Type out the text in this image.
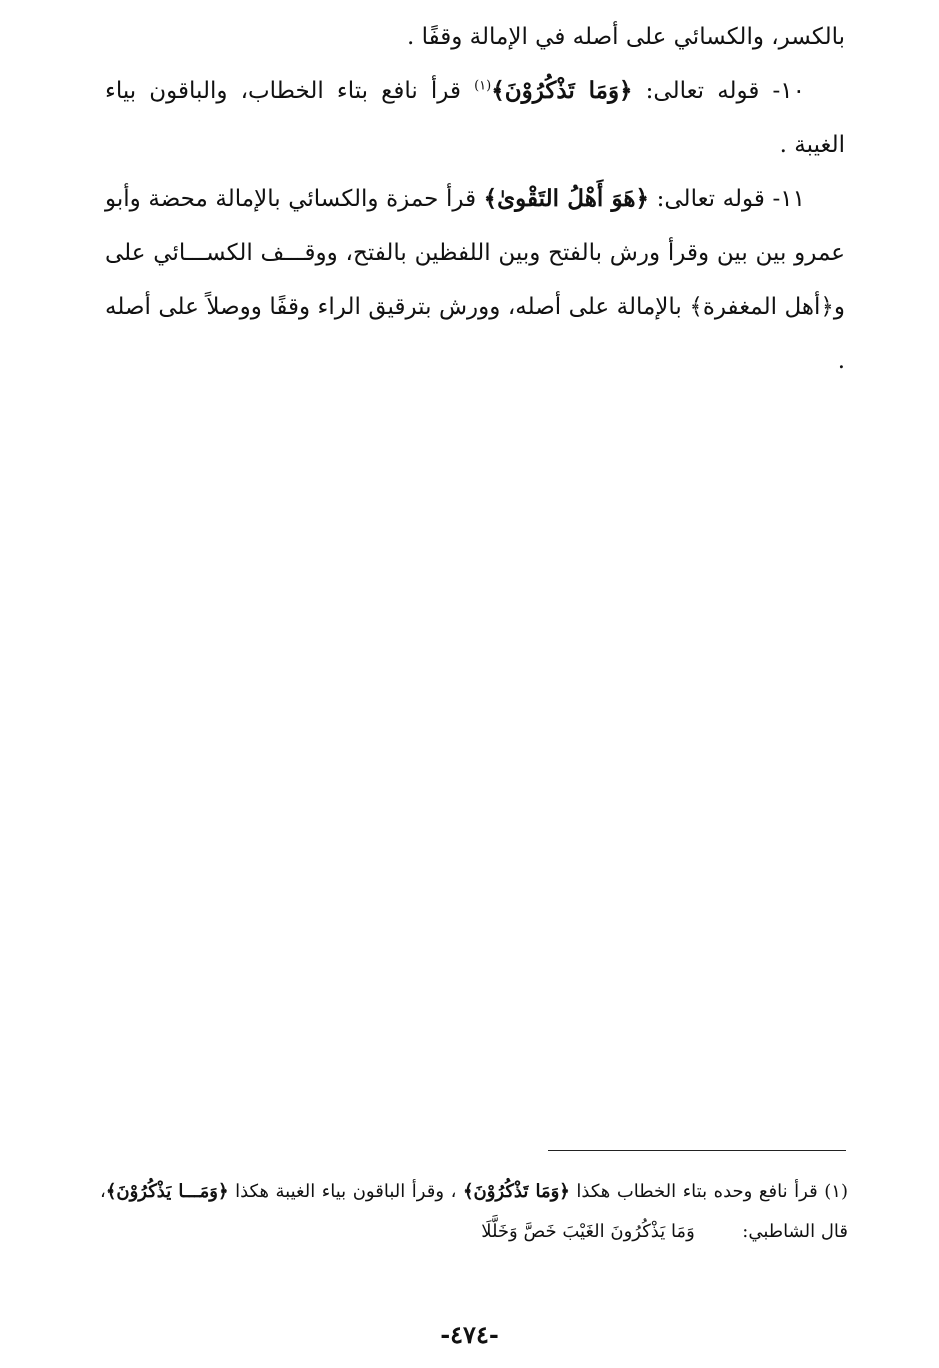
بالكسر، والكسائي على أصله في الإمالة وقفًا .

١٠- قوله تعالى: ﴿وَمَا تَذْكُرُوْنَ﴾$^{(١)}$ قرأ نافع بتاء الخطاب، والباقون بياء الغيبة .

١١- قوله تعالى: ﴿هَوَ أَهْلُ التَقْوىٰ﴾ قرأ حمزة والكسائي بالإمالة محضة وأبو عمرو بين بين وقرأ ورش بالفتح وبين اللفظين بالفتح، ووقـــف الكســـائي على و﴿أهل المغفرة﴾ بالإمالة على أصله، وورش بترقيق الراء وقفًا ووصلاً على أصله .

(١) قرأ نافع وحده بتاء الخطاب هكذا ﴿وَمَا تَذْكُرُوْنَ﴾ ، وقرأ الباقون بياء الغيبة هكذا ﴿وَمَـــا يَذْكُرُوْنَ﴾، قال الشاطبي:  وَمَا يَذْكُرُونَ الغَيْبَ خَصَّ وَخَلَّلَا

-٤٧٤-
